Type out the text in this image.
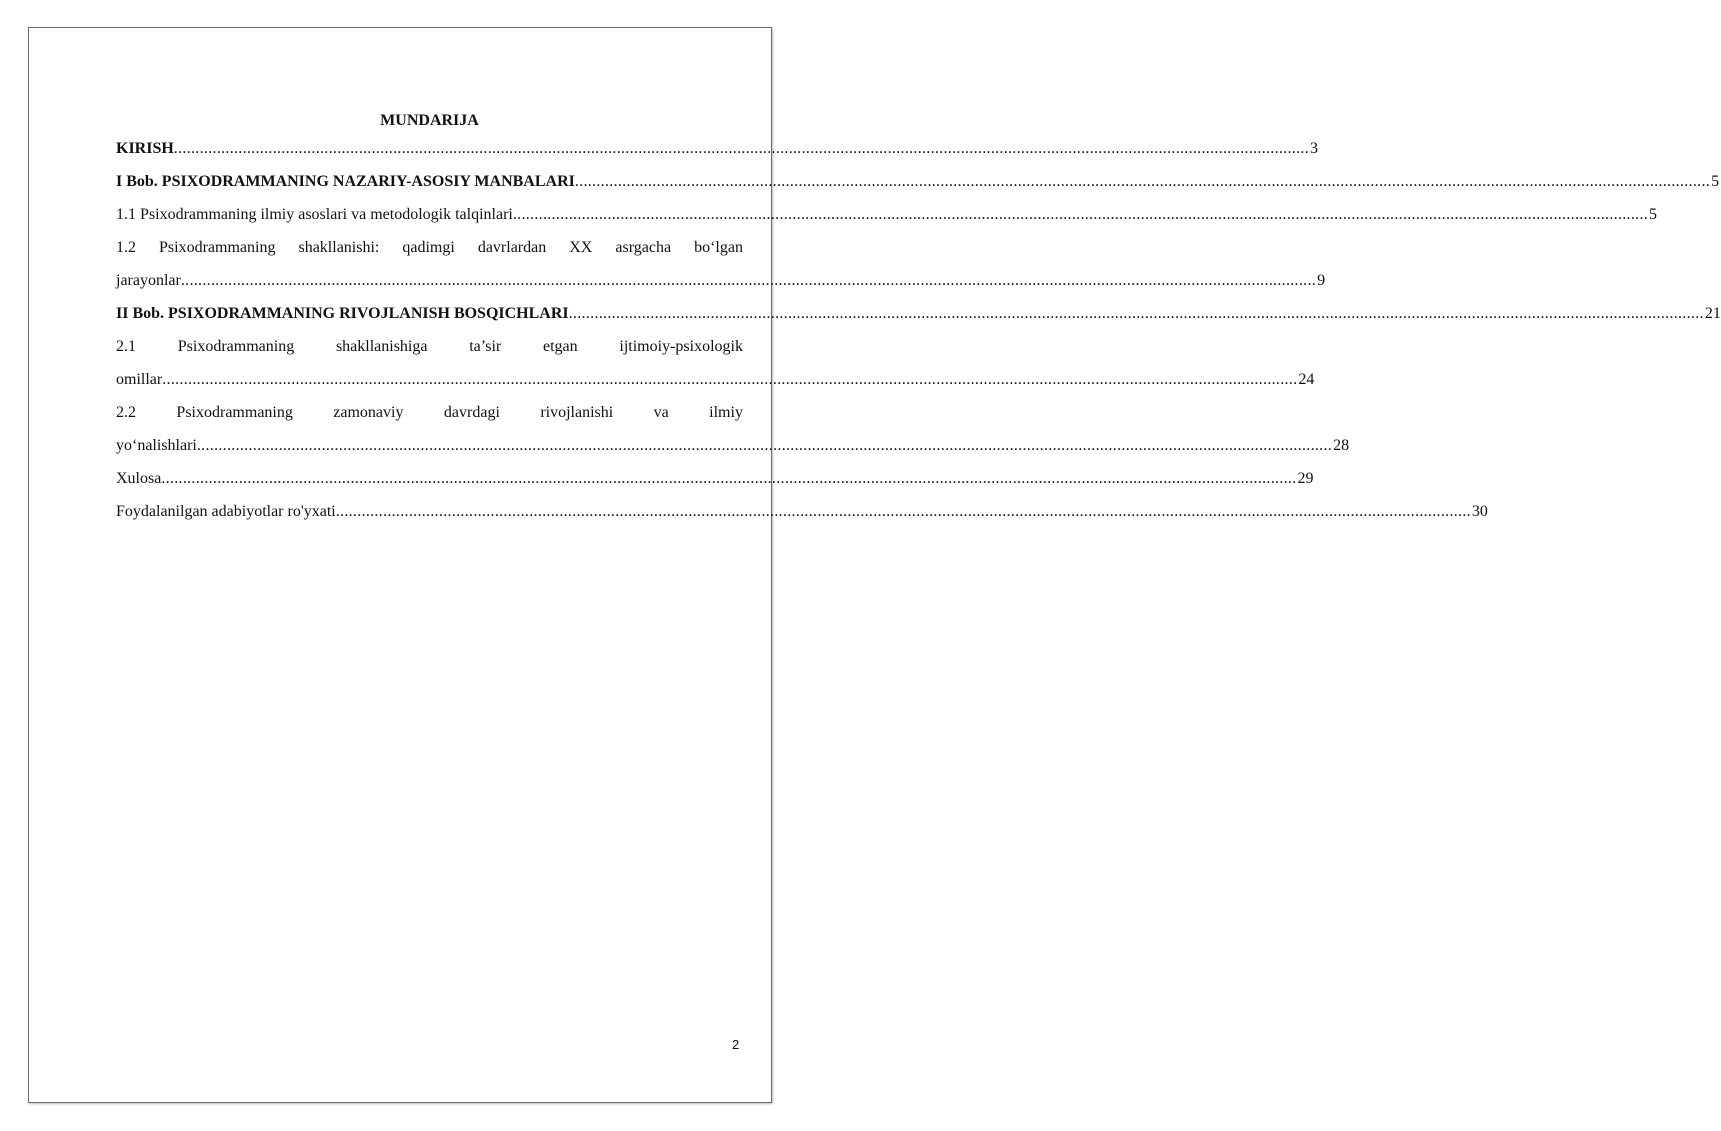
MUNDARIJA
KIRISH ........................................................................................................................................................................................................................................................................ 3
I Bob. PSIXODRAMMANING NAZARIY-ASOSIY MANBALARI ........................................................................................................................................................................................................................................................................ 5
1.1 Psixodrammaning ilmiy asoslari va metodologik talqinlari ........................................................................................................................................................................................................................................................................ 5
1.2 Psixodrammaning shakllanishi: qadimgi davrlardan XX asrgacha bo‘lgan
jarayonlar ........................................................................................................................................................................................................................................................................ 9
II Bob. PSIXODRAMMANING RIVOJLANISH BOSQICHLARI ........................................................................................................................................................................................................................................................................ 21
2.1	Psixodrammaning	shakllanishiga	ta’sir	etgan	ijtimoiy-psixologik
omillar ........................................................................................................................................................................................................................................................................ 24
2.2	Psixodrammaning	zamonaviy	davrdagi	rivojlanishi	va	ilmiy
yo‘nalishlari ........................................................................................................................................................................................................................................................................ 28
Xulosa ........................................................................................................................................................................................................................................................................ 29
Foydalanilgan adabiyotlar ro'yxati ........................................................................................................................................................................................................................................................................ 30
2
